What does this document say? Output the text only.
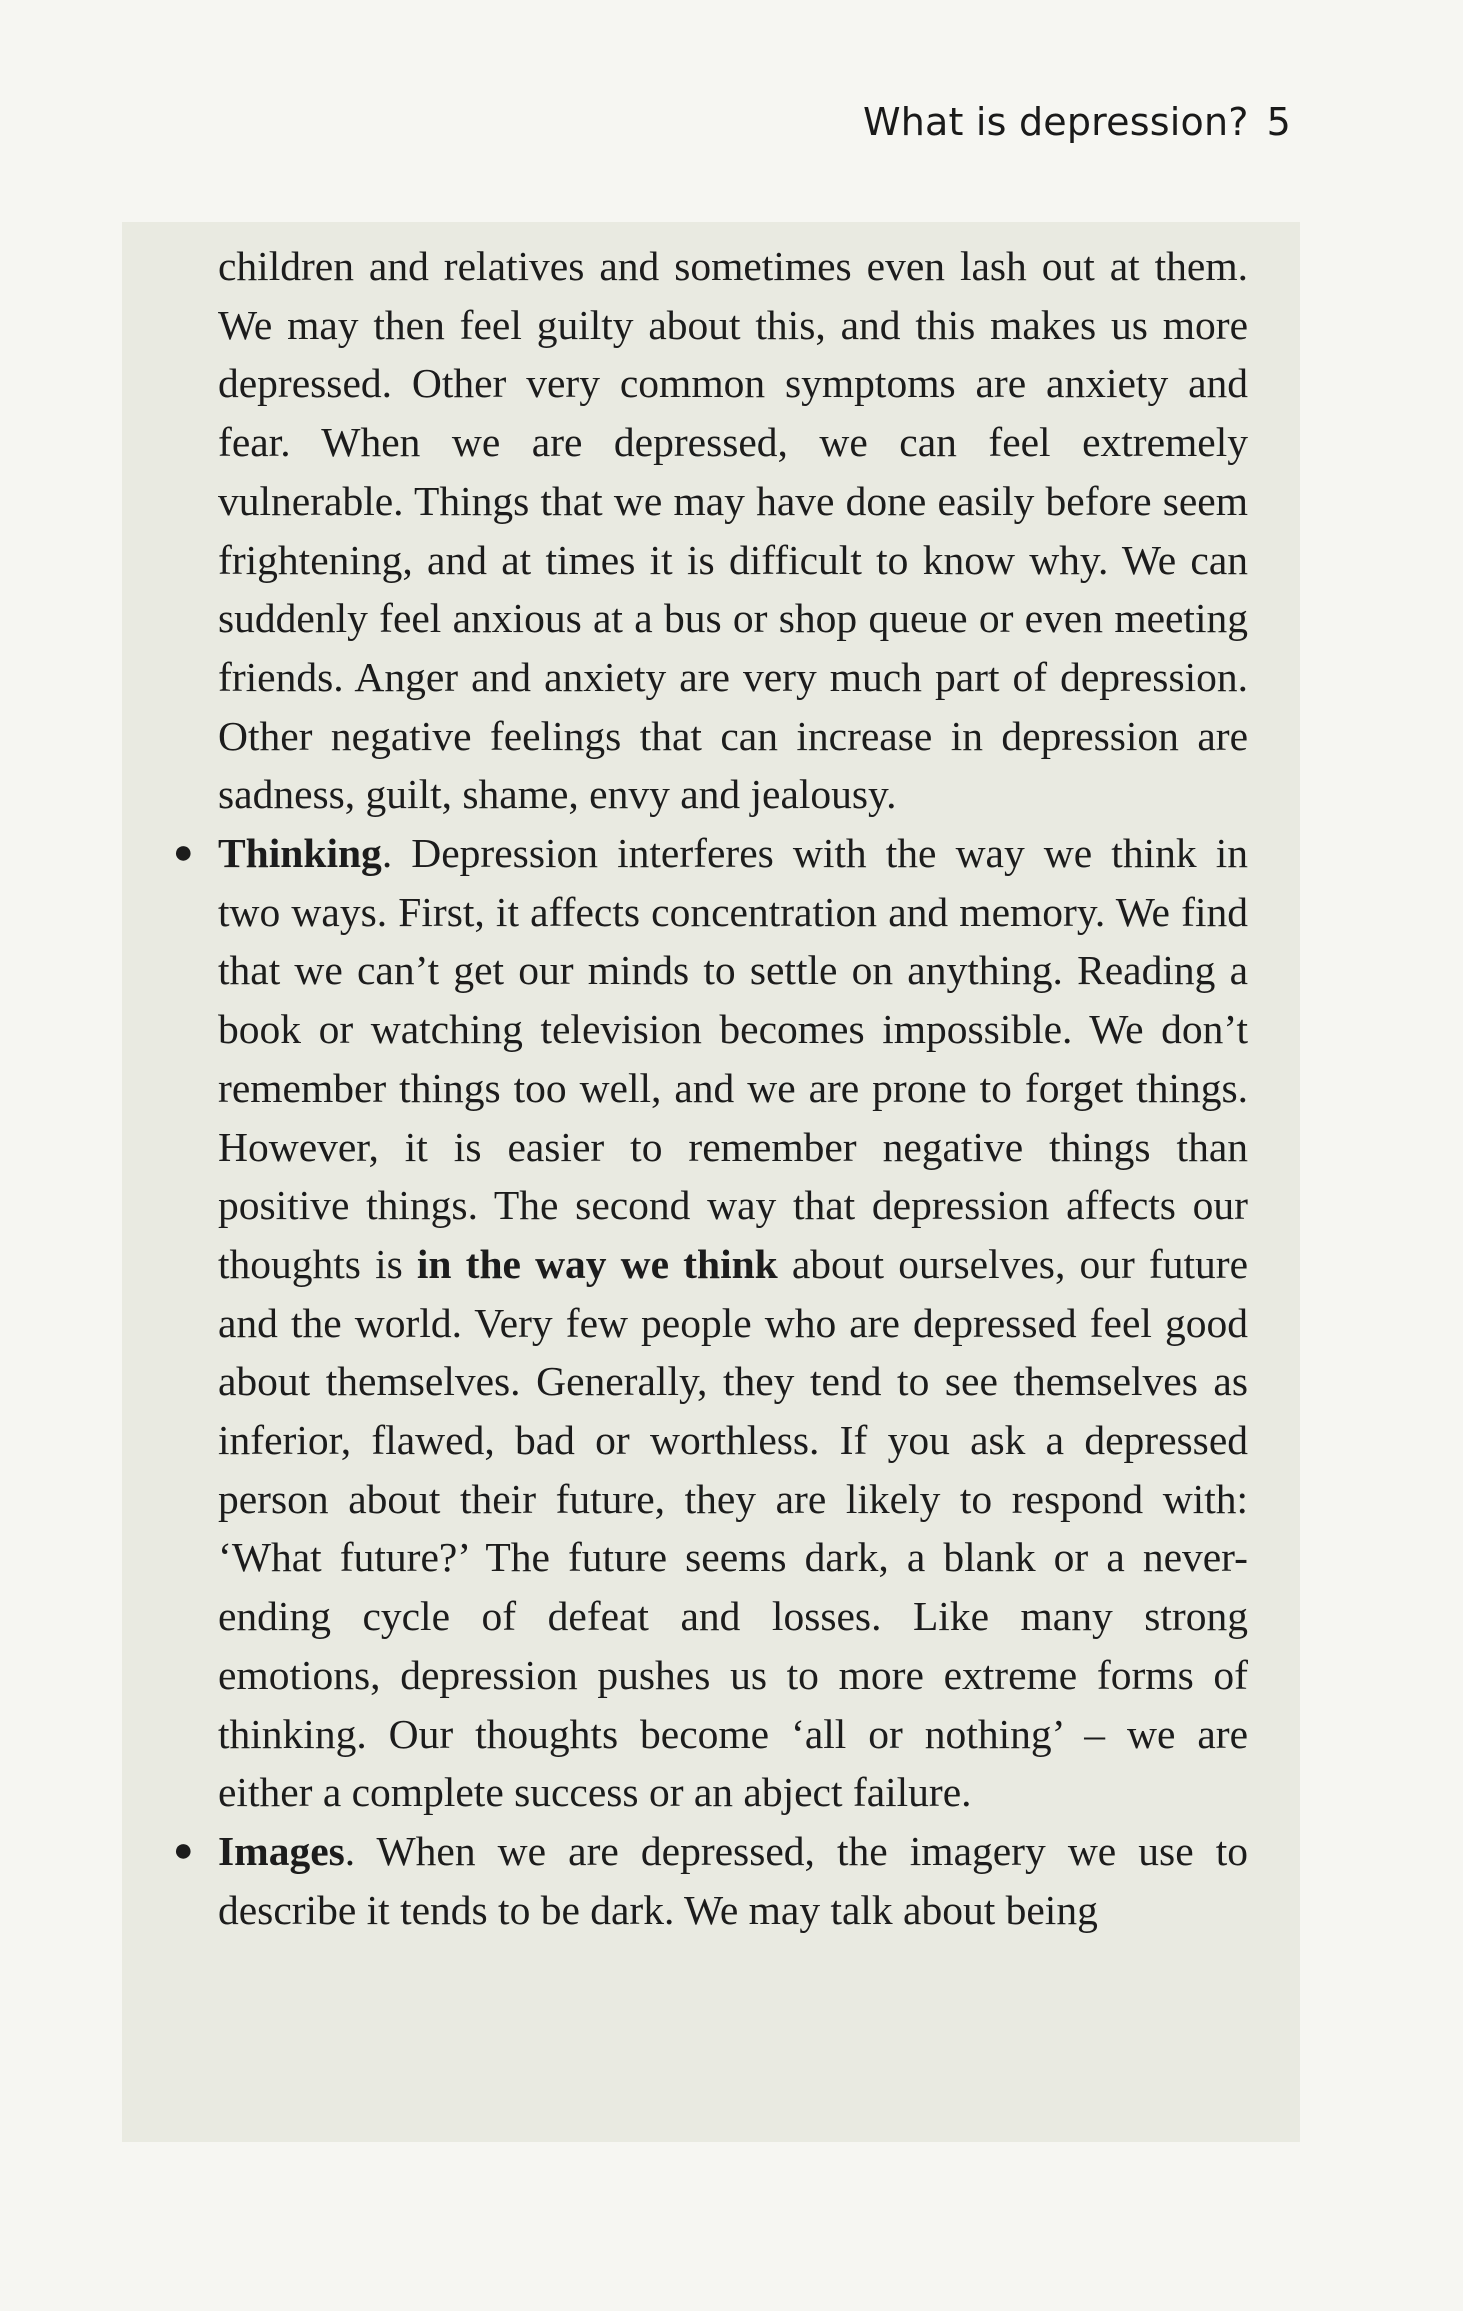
What is depression? 5

children and relatives and sometimes even lash out at them. We may then feel guilty about this, and this makes us more depressed. Other very common symptoms are anxiety and fear. When we are depressed, we can feel extremely vulnerable. Things that we may have done easily before seem frightening, and at times it is difficult to know why. We can suddenly feel anxious at a bus or shop queue or even meeting friends. Anger and anxiety are very much part of depression. Other negative feelings that can increase in depression are sadness, guilt, shame, envy and jealousy.

● Thinking. Depression interferes with the way we think in two ways. First, it affects concentration and memory. We find that we can’t get our minds to settle on anything. Reading a book or watching television becomes impossible. We don’t remember things too well, and we are prone to forget things. However, it is easier to remember negative things than positive things. The second way that depression affects our thoughts is in the way we think about ourselves, our future and the world. Very few people who are depressed feel good about themselves. Generally, they tend to see themselves as inferior, flawed, bad or worthless. If you ask a depressed person about their future, they are likely to respond with: ‘What future?’ The future seems dark, a blank or a never-ending cycle of defeat and losses. Like many strong emotions, depression pushes us to more extreme forms of thinking. Our thoughts become ‘all or nothing’ – we are either a complete success or an abject failure.

● Images. When we are depressed, the imagery we use to describe it tends to be dark. We may talk about being
